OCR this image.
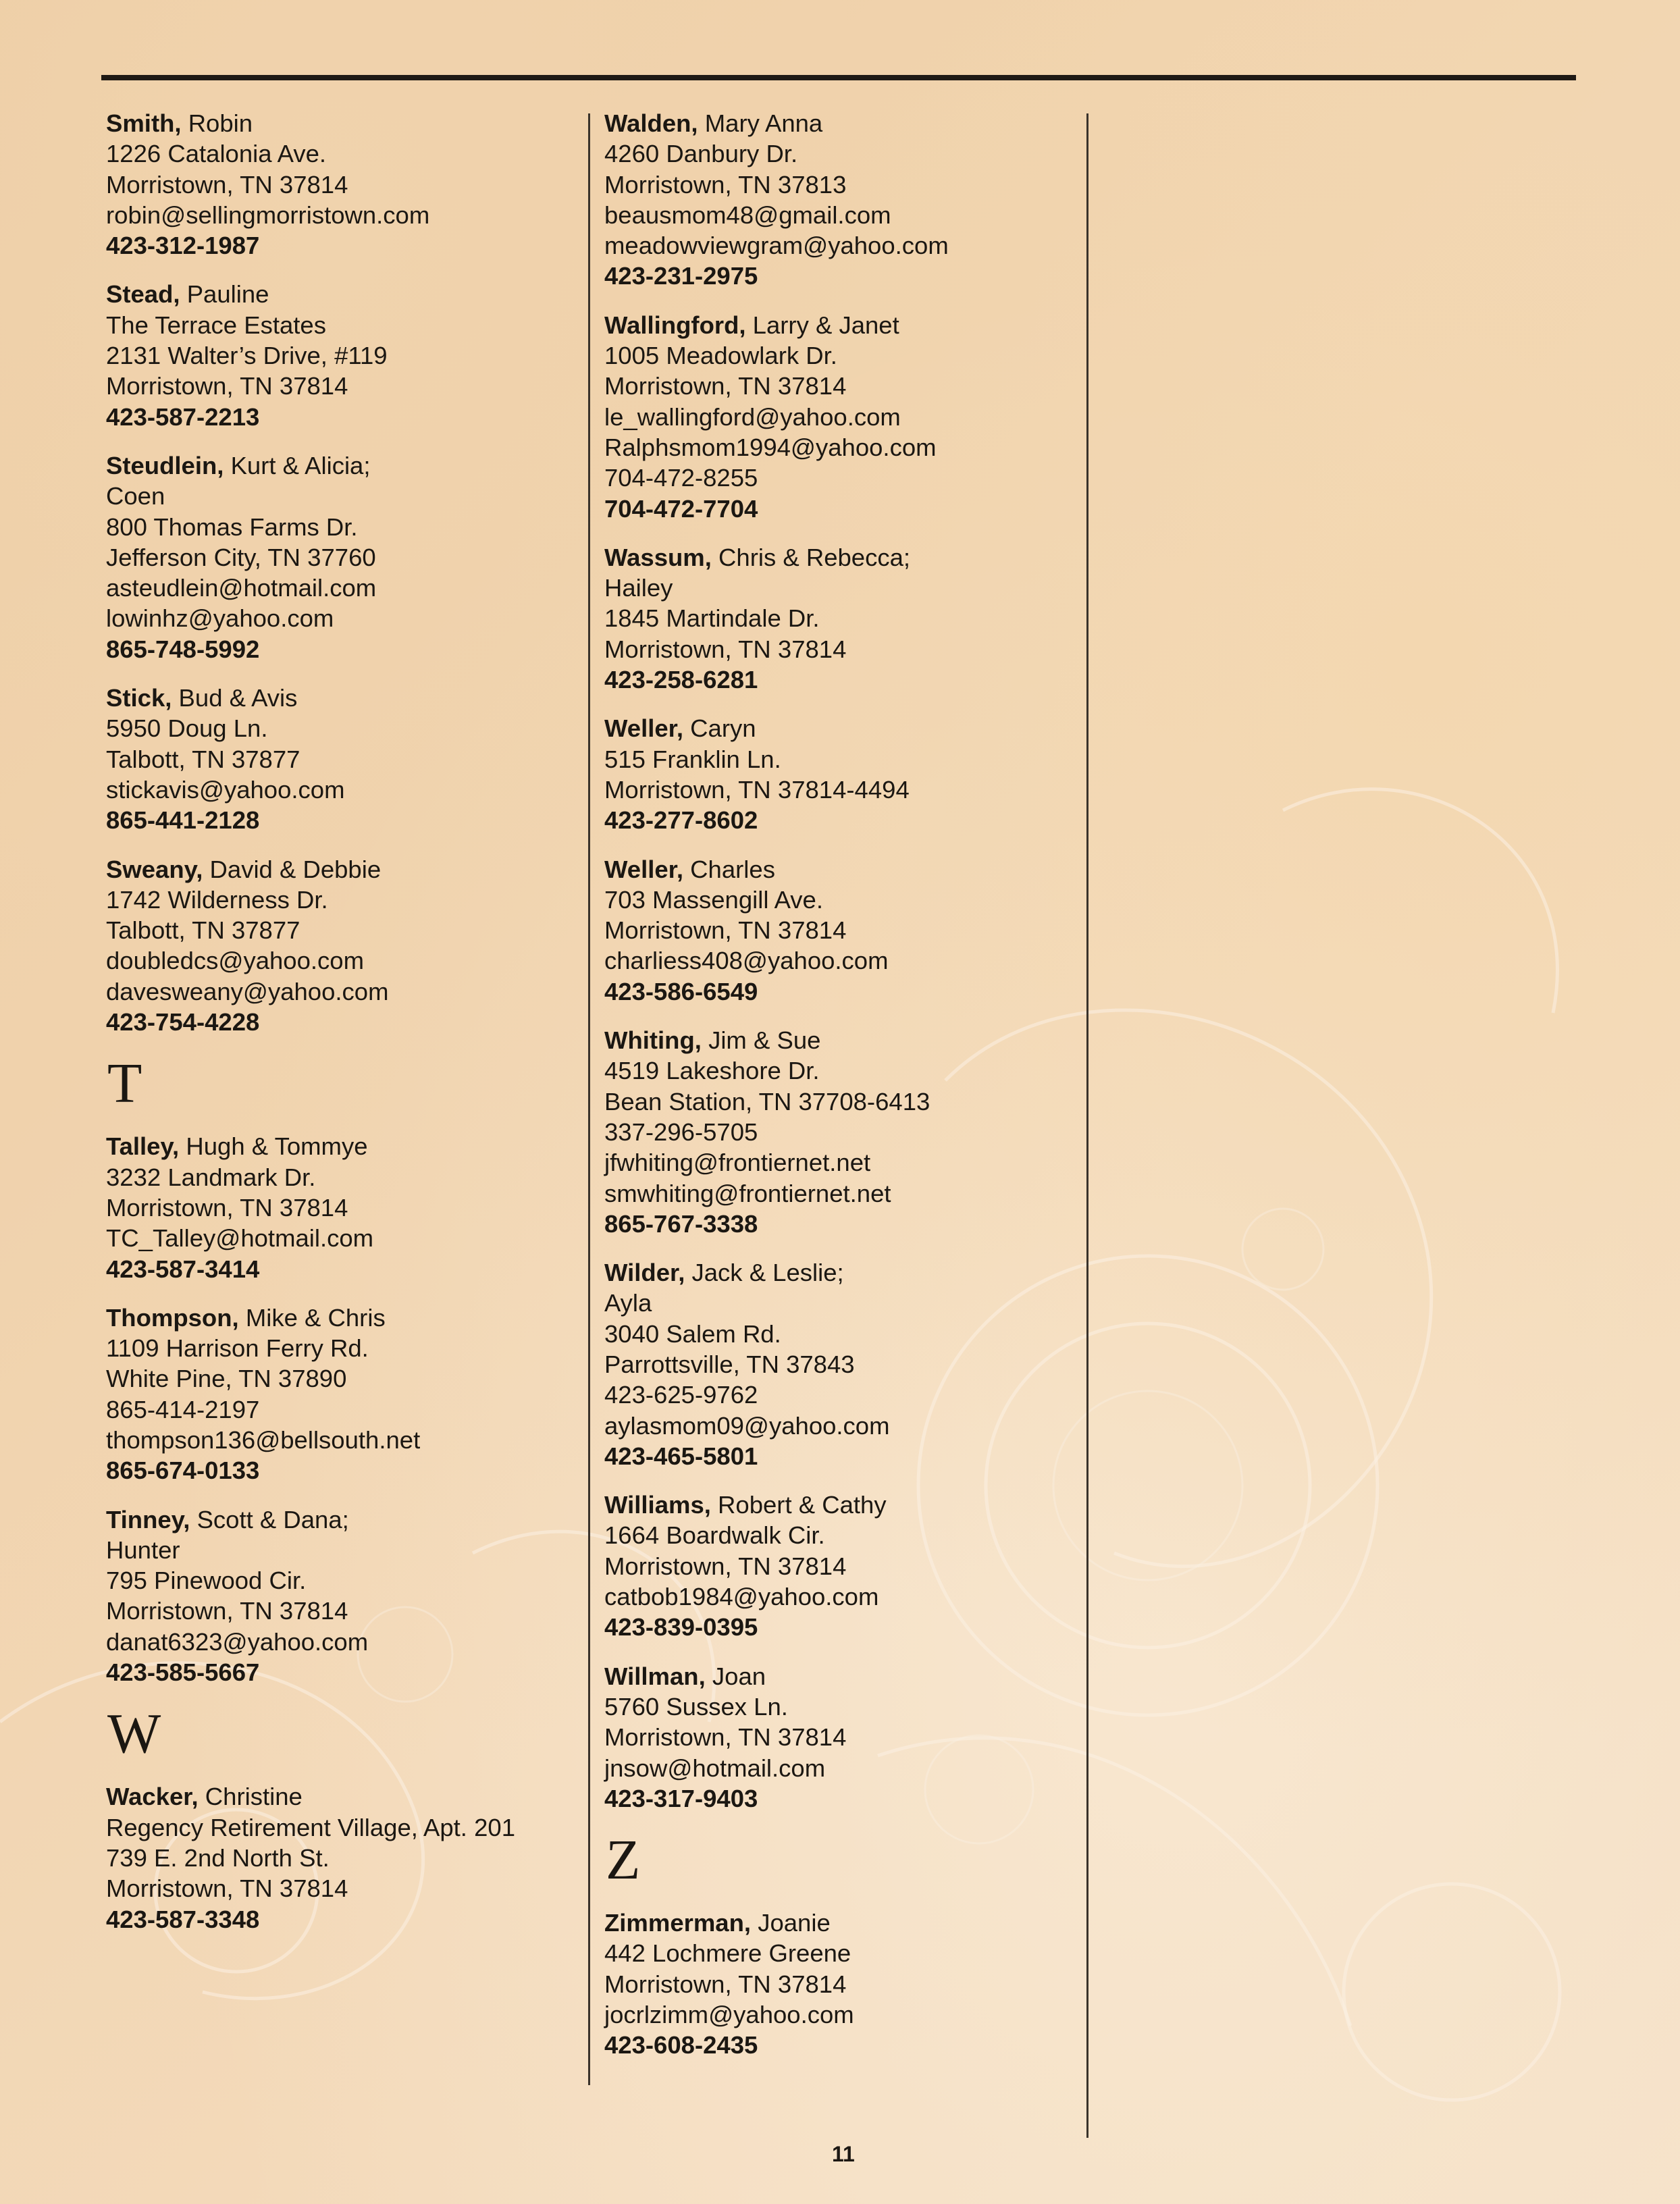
Smith, Robin
1226 Catalonia Ave.
Morristown, TN 37814
robin@sellingmorristown.com
423-312-1987
Stead, Pauline
The Terrace Estates
2131 Walter’s Drive, #119
Morristown, TN 37814
423-587-2213
Steudlein, Kurt & Alicia;
Coen
800 Thomas Farms Dr.
Jefferson City, TN 37760
asteudlein@hotmail.com
lowinhz@yahoo.com
865-748-5992
Stick, Bud & Avis
5950 Doug Ln.
Talbott, TN 37877
stickavis@yahoo.com
865-441-2128
Sweany, David & Debbie
1742 Wilderness Dr.
Talbott, TN 37877
doubledcs@yahoo.com
davesweany@yahoo.com
423-754-4228
T
Talley, Hugh & Tommye
3232 Landmark Dr.
Morristown, TN 37814
TC_Talley@hotmail.com
423-587-3414
Thompson, Mike & Chris
1109 Harrison Ferry Rd.
White Pine, TN 37890
865-414-2197
thompson136@bellsouth.net
865-674-0133
Tinney, Scott & Dana;
Hunter
795 Pinewood Cir.
Morristown, TN 37814
danat6323@yahoo.com
423-585-5667
W
Wacker, Christine
Regency Retirement Village, Apt. 201
739 E. 2nd North St.
Morristown, TN 37814
423-587-3348
Walden, Mary Anna
4260 Danbury Dr.
Morristown, TN 37813
beausmom48@gmail.com
meadowviewgram@yahoo.com
423-231-2975
Wallingford, Larry & Janet
1005 Meadowlark Dr.
Morristown, TN 37814
le_wallingford@yahoo.com
Ralphsmom1994@yahoo.com
704-472-8255
704-472-7704
Wassum, Chris & Rebecca;
Hailey
1845 Martindale Dr.
Morristown, TN 37814
423-258-6281
Weller, Caryn
515 Franklin Ln.
Morristown, TN 37814-4494
423-277-8602
Weller, Charles
703 Massengill Ave.
Morristown, TN 37814
charliess408@yahoo.com
423-586-6549
Whiting, Jim & Sue
4519 Lakeshore Dr.
Bean Station, TN 37708-6413
337-296-5705
jfwhiting@frontiernet.net
smwhiting@frontiernet.net
865-767-3338
Wilder, Jack & Leslie;
Ayla
3040 Salem Rd.
Parrottsville, TN 37843
423-625-9762
aylasmom09@yahoo.com
423-465-5801
Williams, Robert & Cathy
1664 Boardwalk Cir.
Morristown, TN 37814
catbob1984@yahoo.com
423-839-0395
Willman, Joan
5760 Sussex Ln.
Morristown, TN 37814
jnsow@hotmail.com
423-317-9403
Z
Zimmerman, Joanie
442 Lochmere Greene
Morristown, TN 37814
jocrlzimm@yahoo.com
423-608-2435
11
